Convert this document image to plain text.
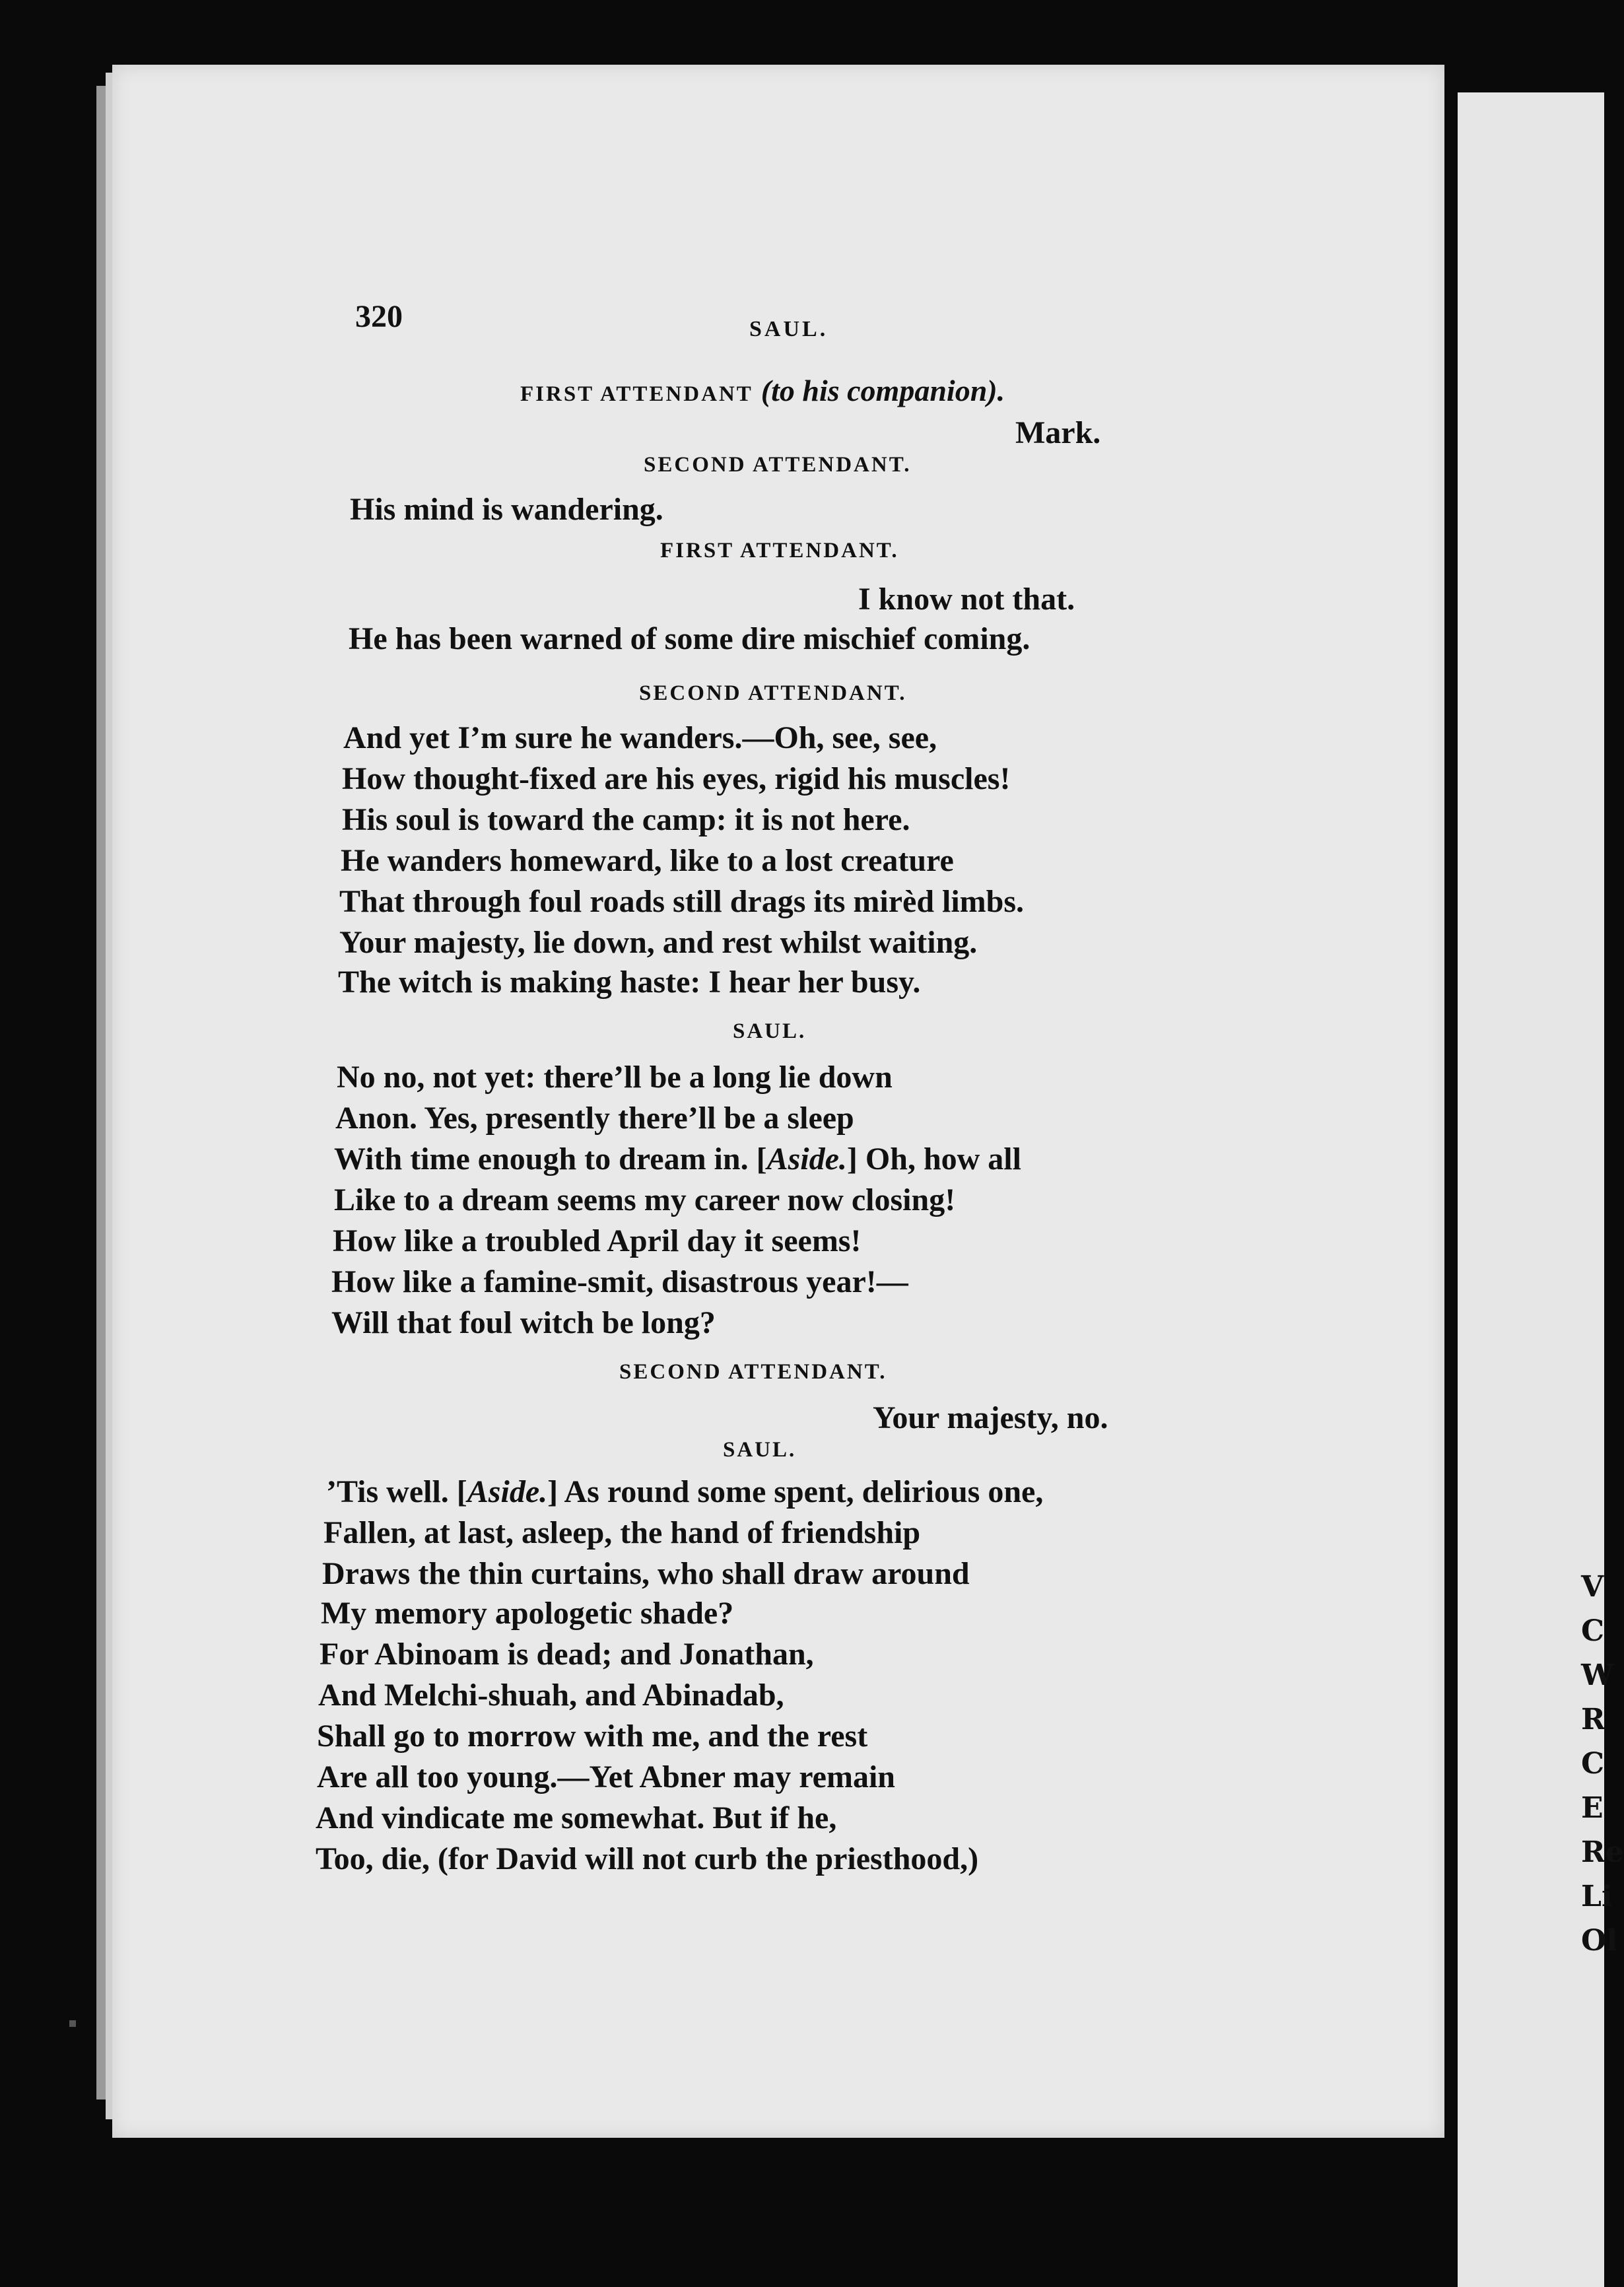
V
C
W
R
C
E
Re
Li
Ol
320	SAUL.
FIRST ATTENDANT (to his companion).
Mark.
SECOND ATTENDANT.
His mind is wandering.
FIRST ATTENDANT.
I know not that.
He has been warned of some dire mischief coming.
SECOND ATTENDANT.
And yet I’m sure he wanders.—Oh, see, see,
How thought-fixed are his eyes, rigid his muscles!
His soul is toward the camp: it is not here.
He wanders homeward, like to a lost creature
That through foul roads still drags its mirèd limbs.
Your majesty, lie down, and rest whilst waiting.
The witch is making haste: I hear her busy.
SAUL.
No no, not yet: there’ll be a long lie down
Anon. Yes, presently there’ll be a sleep
With time enough to dream in. [Aside.] Oh, how all
Like to a dream seems my career now closing!
How like a troubled April day it seems!
How like a famine-smit, disastrous year!—
Will that foul witch be long?
SECOND ATTENDANT.
Your majesty, no.
SAUL.
’Tis well. [Aside.] As round some spent, delirious one,
Fallen, at last, asleep, the hand of friendship
Draws the thin curtains, who shall draw around
My memory apologetic shade?
For Abinoam is dead; and Jonathan,
And Melchi-shuah, and Abinadab,
Shall go to morrow with me, and the rest
Are all too young.—Yet Abner may remain
And vindicate me somewhat. But if he,
Too, die, (for David will not curb the priesthood,)
